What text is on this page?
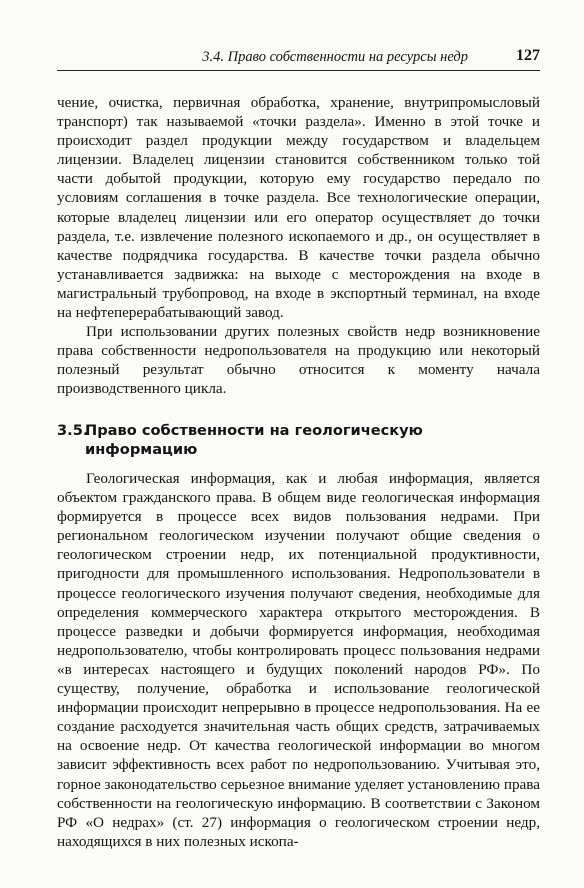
3.4. Право собственности на ресурсы недр	127

чение, очистка, первичная обработка, хранение, внутрипромысловый транспорт) так называемой «точки раздела». Именно в этой точке и происходит раздел продукции между государством и владельцем лицензии. Владелец лицензии становится собственником только той части добытой продукции, которую ему государство передало по условиям соглашения в точке раздела. Все технологические операции, которые владелец лицензии или его оператор осуществляет до точки раздела, т.е. извлечение полезного ископаемого и др., он осуществляет в качестве подрядчика государства. В качестве точки раздела обычно устанавливается задвижка: на выходе с месторождения на входе в магистральный трубопровод, на входе в экспортный терминал, на входе на нефтеперерабатывающий завод.

При использовании других полезных свойств недр возникновение права собственности недропользователя на продукцию или некоторый полезный результат обычно относится к моменту начала производственного цикла.

3.5.Право собственности на геологическую
информацию

Геологическая информация, как и любая информация, является объектом гражданского права. В общем виде геологическая информация формируется в процессе всех видов пользования недрами. При региональном геологическом изучении получают общие сведения о геологическом строении недр, их потенциальной продуктивности, пригодности для промышленного использования. Недропользователи в процессе геологического изучения получают сведения, необходимые для определения коммерческого характера открытого месторождения. В процессе разведки и добычи формируется информация, необходимая недропользователю, чтобы контролировать процесс пользования недрами «в интересах настоящего и будущих поколений народов РФ». По существу, получение, обработка и использование геологической информации происходит непрерывно в процессе недропользования. На ее создание расходуется значительная часть общих средств, затрачиваемых на освоение недр. От качества геологической информации во многом зависит эффективность всех работ по недропользованию. Учитывая это, горное законодательство серьезное внимание уделяет установлению права собственности на геологическую информацию. В соответствии с Законом РФ «О недрах» (ст. 27) информация о геологическом строении недр, находящихся в них полезных ископа-
